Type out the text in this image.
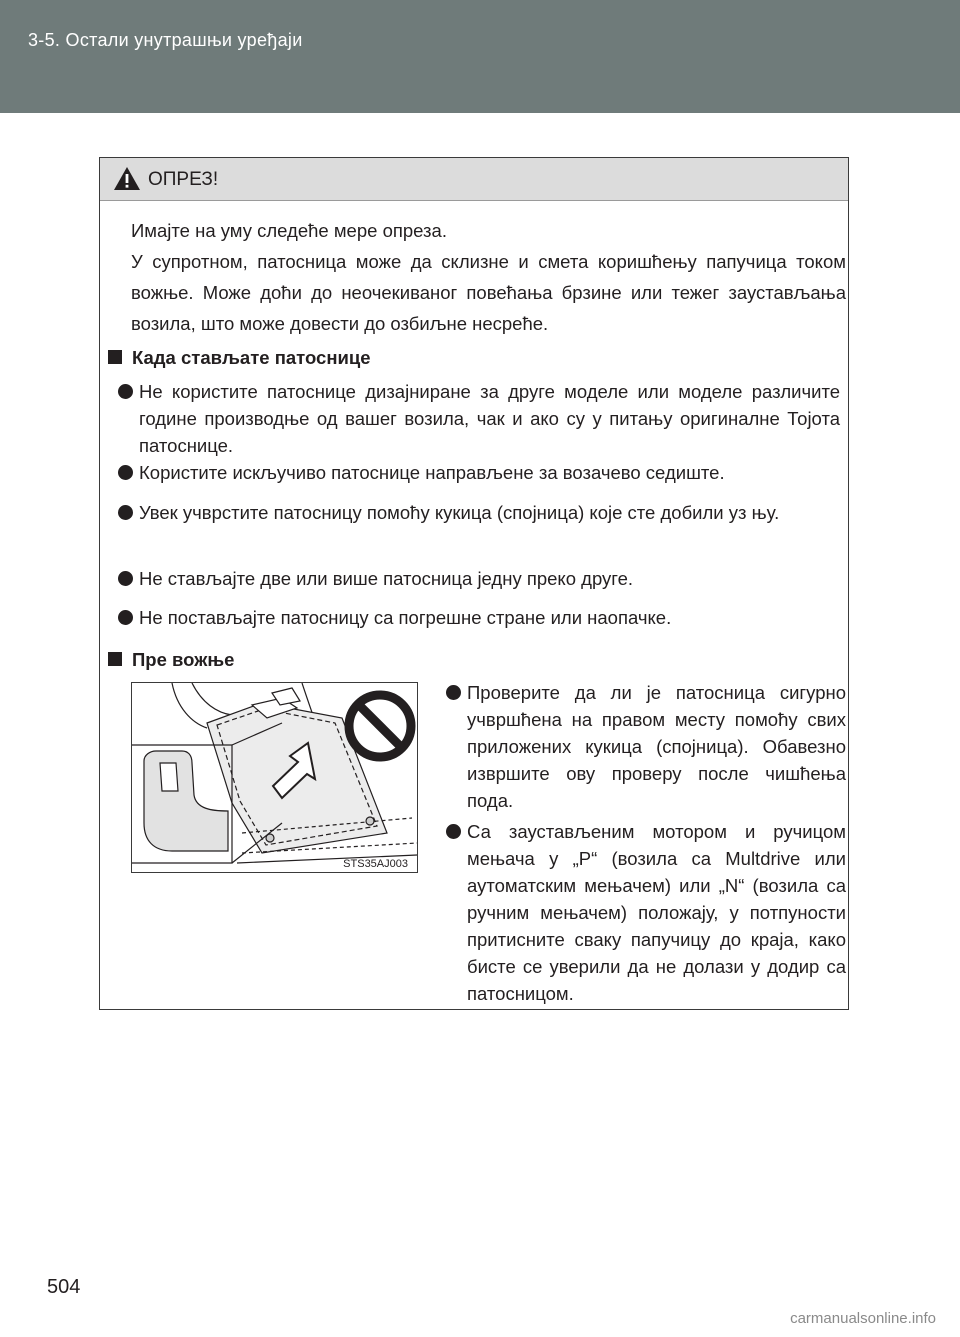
3-5. Остали унутрашњи уређаји
ОПРЕЗ!
Имајте на уму следеће мере опреза.
У супротном, патосница може да склизне и смета коришћењу папучица током вожње. Може доћи до неочекиваног повећања брзине или тежег заустављања возила, што може довести до озбиљне несреће.
Када стављате патоснице
Не користите патоснице дизајниране за друге моделе или моделе различите године производње од вашег возила, чак и ако су у питању оригиналне Тојота патоснице.
Користите искључиво патоснице направљене за возачево седиште.
Увек учврстите патосницу помоћу кукица (спојница) које сте добили уз њу.
Не стављајте две или више патосница једну преко друге.
Не постављајте патосницу са погрешне стране или наопачке.
Пре вожње
STS35AJ003
Проверите да ли је патосница сигурно учвршћена на правом месту помоћу свих приложених кукица (спојница). Обавезно извршите ову проверу после чишћења пода.
Са заустављеним мотором и ручицом мењача у „P“ (возила са Multdrive или аутоматским мењачем) или „N“ (возила са ручним мењачем) положају, у потпуности притисните сваку папучицу до краја, како бисте се уверили да не долази у додир са патосницом.
504
carmanualsonline.info
